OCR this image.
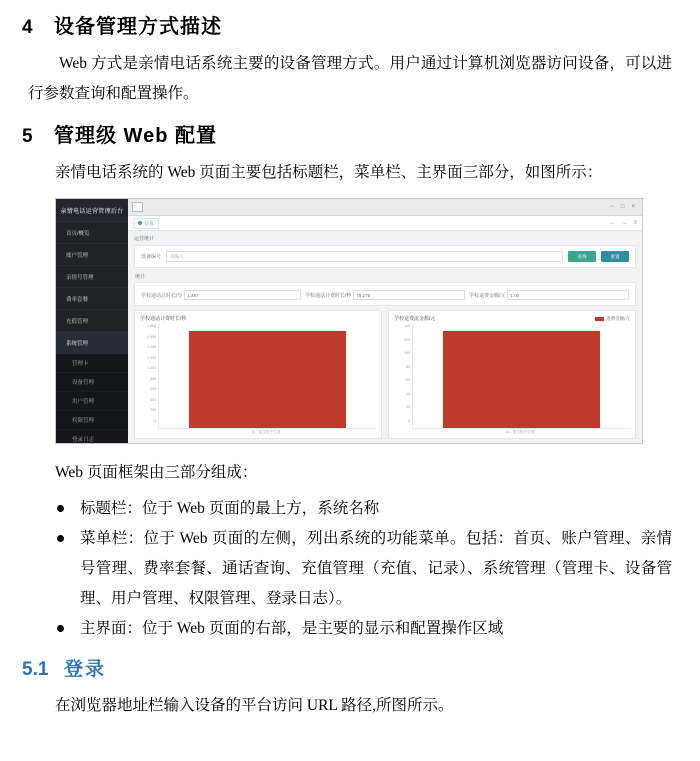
4	设备管理方式描述

Web 方式是亲情电话系统主要的设备管理方式。用户通过计算机浏览器访问设备，可以进行参数查询和配置操作。

5	管理级 Web 配置

亲情电话系统的 Web 页面主要包括标题栏，菜单栏、主界面三部分，如图所示：

亲情电话运营管理后台
首页/概览
账户管理
亲情号管理
费率套餐
充值管理
系统管理
管理卡
设备管理
用户管理
权限管理
登录日志
− □ ×
首页	← → ≡
运营统计
设备编号	请输入	查询	重置
统计
学校通话总时长/分	1,487	学校通话计费时长/秒	79,276	学校退费金额/元	1.00
学校通话计费时长/秒
1 800
1 600
1 400
1 200
1 000
800
600
400
200
0
01 - 某学校小学部
学校退费流金额/元	退费金额/元
140
120
100
80
60
40
20
0
01 - 某学校小学部

Web 页面框架由三部分组成：

标题栏：位于 Web 页面的最上方，系统名称
菜单栏：位于 Web 页面的左侧，列出系统的功能菜单。包括：首页、账户管理、亲情号管理、费率套餐、通话查询、充值管理（充值、记录）、系统管理（管理卡、设备管理、用户管理、权限管理、登录日志）。
主界面：位于 Web 页面的右部，是主要的显示和配置操作区域
5.1 登录

在浏览器地址栏输入设备的平台访问 URL 路径,所图所示。
